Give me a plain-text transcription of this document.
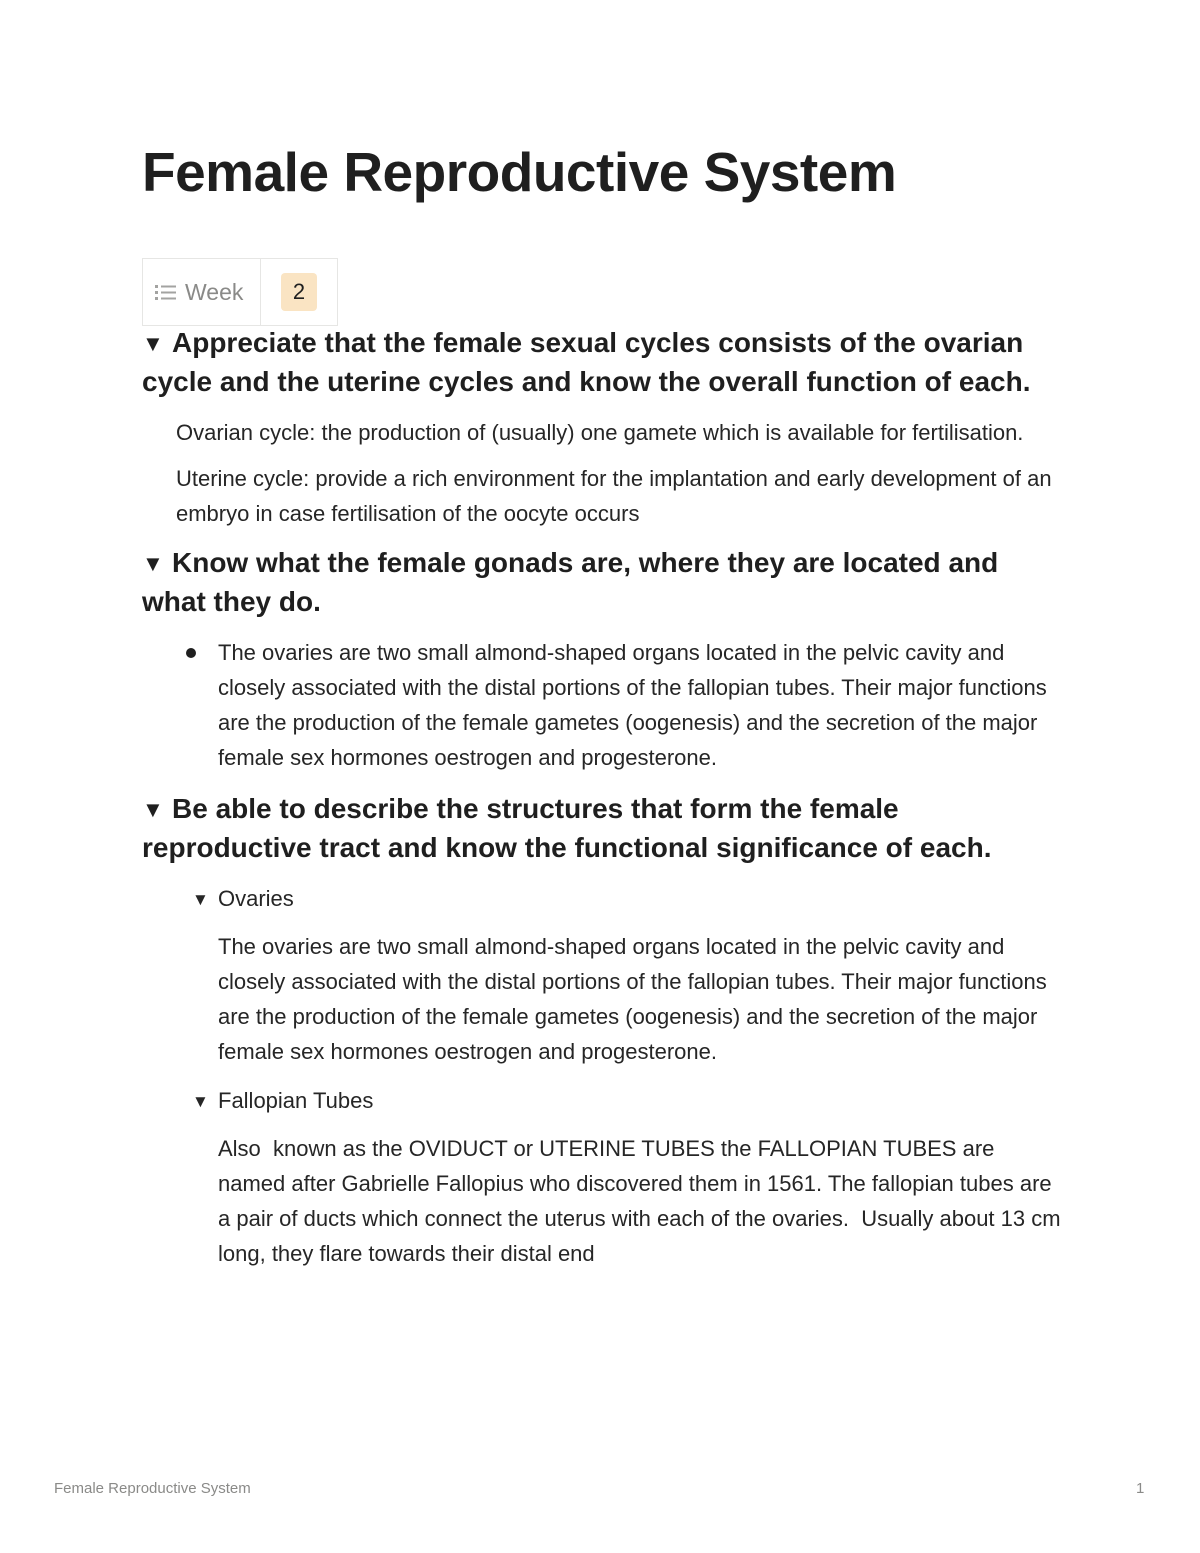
Female Reproductive System
Week	2
▼ Appreciate that the female sexual cycles consists of the ovarian cycle and the uterine cycles and know the overall function of each.

Ovarian cycle: the production of (usually) one gamete which is available for fertilisation.

Uterine cycle: provide a rich environment for the implantation and early development of an embryo in case fertilisation of the oocyte occurs

▼ Know what the female gonads are, where they are located and what they do.

The ovaries are two small almond-shaped organs located in the pelvic cavity and closely associated with the distal portions of the fallopian tubes. Their major functions are the production of the female gametes (oogenesis) and the secretion of the major female sex hormones oestrogen and progesterone.

▼ Be able to describe the structures that form the female reproductive tract and know the functional significance of each.

▼ Ovaries

The ovaries are two small almond-shaped organs located in the pelvic cavity and closely associated with the distal portions of the fallopian tubes. Their major functions are the production of the female gametes (oogenesis) and the secretion of the major female sex hormones oestrogen and progesterone.

▼ Fallopian Tubes

Also  known as the OVIDUCT or UTERINE TUBES the FALLOPIAN TUBES are named after Gabrielle Fallopius who discovered them in 1561. The fallopian tubes are a pair of ducts which connect the uterus with each of the ovaries.  Usually about 13 cm long, they flare towards their distal end

Female Reproductive System	1
